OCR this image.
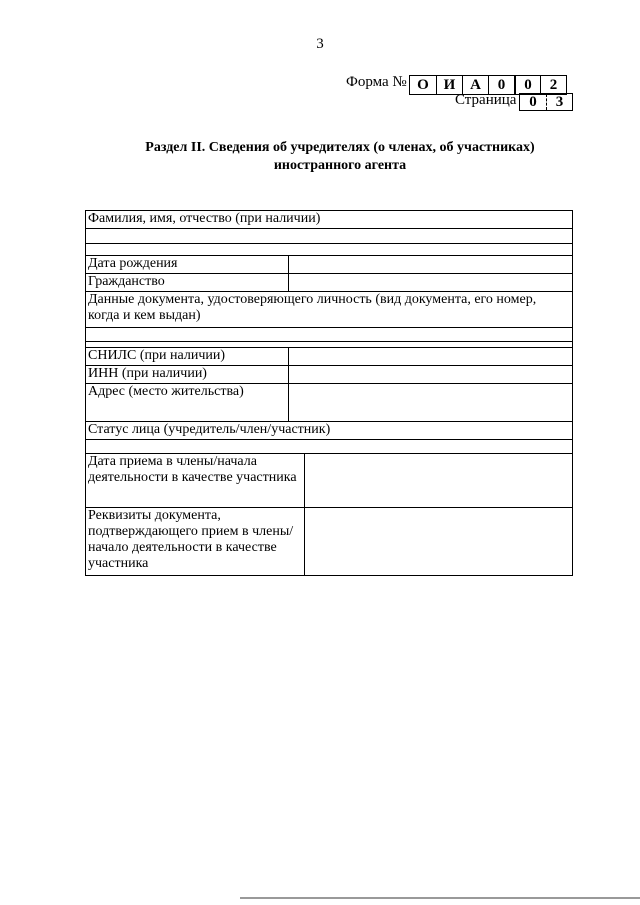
3
Форма № О И А	0	0	2
Страница 0	3
Раздел II. Сведения об учредителях (о членах, об участниках)
иностранного агента
Фамилия, имя, отчество (при наличии)		

Дата рождения		
Гражданство		
Данные документа, удостоверяющего личность (вид документа, его номер, когда и кем выдан)		

СНИЛС (при наличии)		
ИНН (при наличии)		
Адрес (место жительства)		
Статус лица (учредитель/член/участник)		

Дата приема в члены/начала деятельности в качестве участника		
Реквизиты документа, подтверждающего прием в члены/начало деятельности в качестве участника		
